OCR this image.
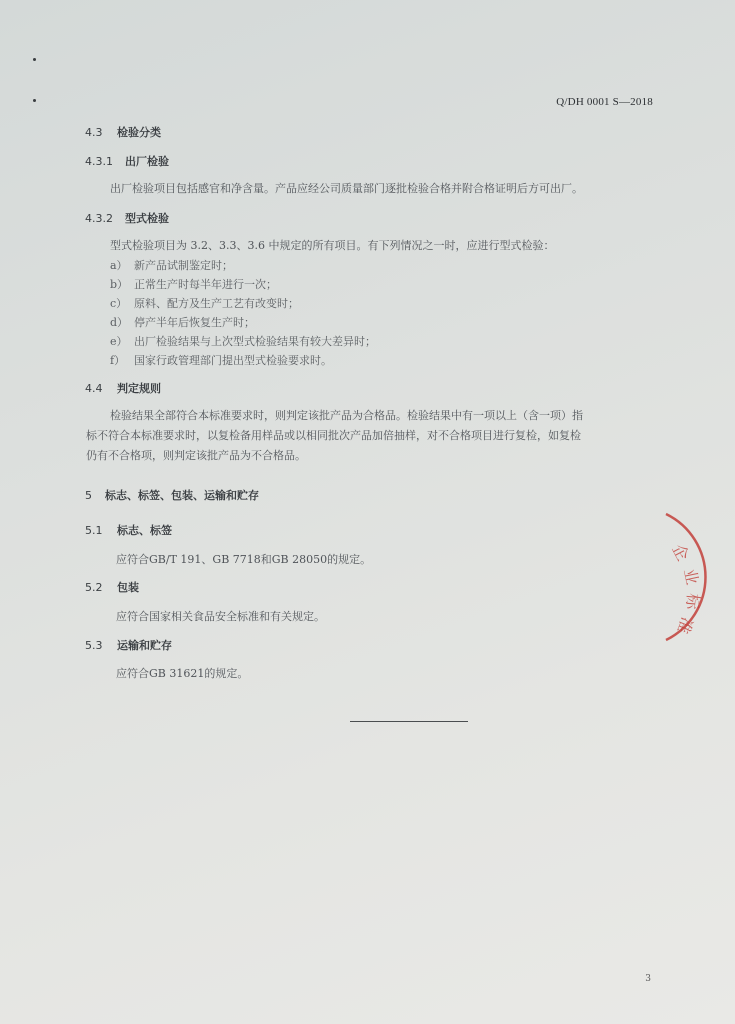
Q/DH 0001 S—2018
4.3 检验分类
4.3.1 出厂检验
出厂检验项目包括感官和净含量。产品应经公司质量部门逐批检验合格并附合格证明后方可出厂。
4.3.2 型式检验
型式检验项目为 3.2、3.3、3.6 中规定的所有项目。有下列情况之一时，应进行型式检验：
a） 新产品试制鉴定时；
b） 正常生产时每半年进行一次；
c） 原料、配方及生产工艺有改变时；
d） 停产半年后恢复生产时；
e） 出厂检验结果与上次型式检验结果有较大差异时；
f） 国家行政管理部门提出型式检验要求时。
4.4 判定规则
检验结果全部符合本标准要求时，则判定该批产品为合格品。检验结果中有一项以上（含一项）指
标不符合本标准要求时，以复检备用样品或以相同批次产品加倍抽样，对不合格项目进行复检，如复检
仍有不合格项，则判定该批产品为不合格品。
5 标志、标签、包装、运输和贮存
5.1 标志、标签
应符合GB/T 191、GB 7718和GB 28050的规定。
5.2 包装
应符合国家相关食品安全标准和有关规定。
5.3 运输和贮存
应符合GB 31621的规定。
企
业
标
准
3
